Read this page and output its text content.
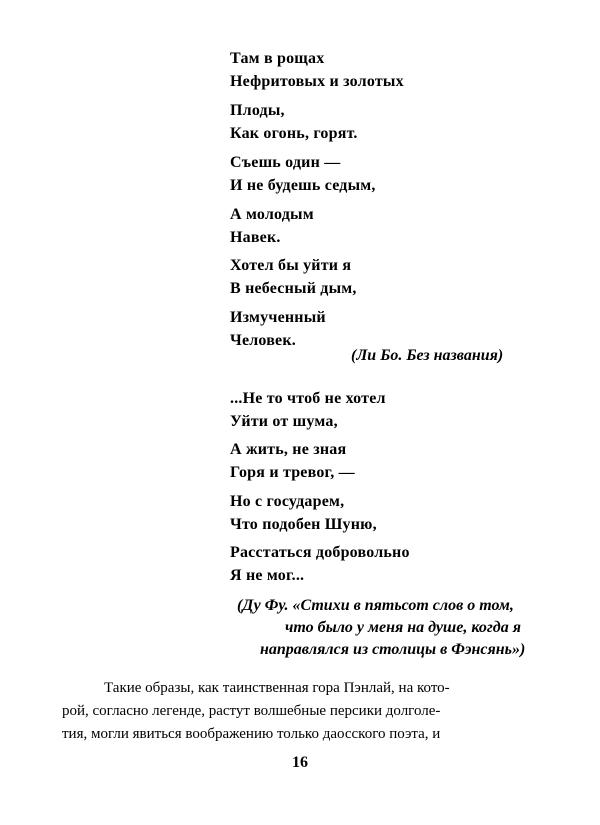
Там в рощах
Нефритовых и золотых
Плоды,
Как огонь, горят.
Съешь один —
И не будешь седым,
А молодым
Навек.
Хотел бы уйти я
В небесный дым,
Измученный
Человек.
(Ли Бо. Без названия)
...Не то чтоб не хотел
Уйти от шума,
А жить, не зная
Горя и тревог, —
Но с государем,
Что подобен Шуню,
Расстаться добровольно
Я не мог...
(Ду Фу. «Стихи в пятьсот слов о том,
что было у меня на душе, когда я
направлялся из столицы в Фэнсянь»)
Такие образы, как таинственная гора Пэнлай, на кото-
рой, согласно легенде, растут волшебные персики долголе-
тия, могли явиться воображению только даосского поэта, и
16
